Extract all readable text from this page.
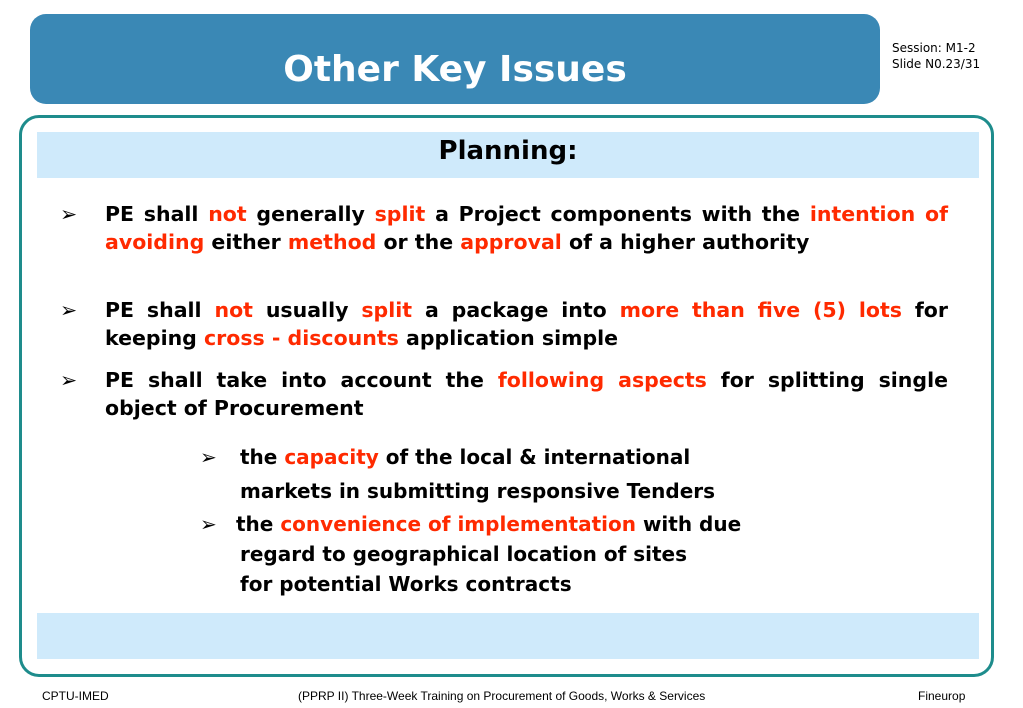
Other Key Issues
Session: M1-2
Slide N0.23/31
Planning:
➢	PE shall not generally split a Project components with the intention of avoiding either method or the approval of a higher authority
➢	PE shall not usually split a package into more than five (5) lots for keeping cross - discounts application simple
➢	PE shall take into account the following aspects for splitting single object of Procurement
➢ the capacity of the local & international
markets in submitting responsive Tenders
➢ the convenience of implementation with due
regard to geographical location of sites
for potential Works contracts
CPTU-IMED	(PPRP II) Three-Week Training on Procurement of Goods, Works & Services	Fineurop
